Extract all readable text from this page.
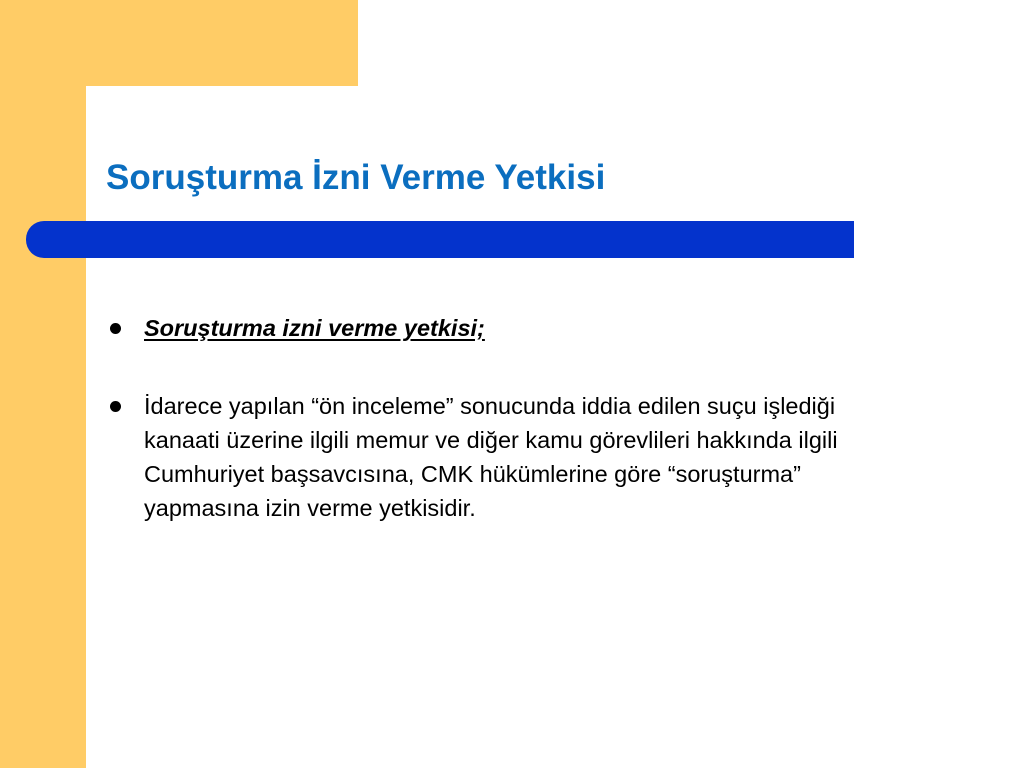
Soruşturma İzni Verme Yetkisi
Soruşturma izni verme yetkisi;
İdarece yapılan “ön inceleme” sonucunda iddia edilen suçu işlediği kanaati üzerine ilgili memur ve diğer kamu görevlileri hakkında ilgili Cumhuriyet başsavcısına, CMK hükümlerine göre “soruşturma” yapmasına izin verme yetkisidir.
